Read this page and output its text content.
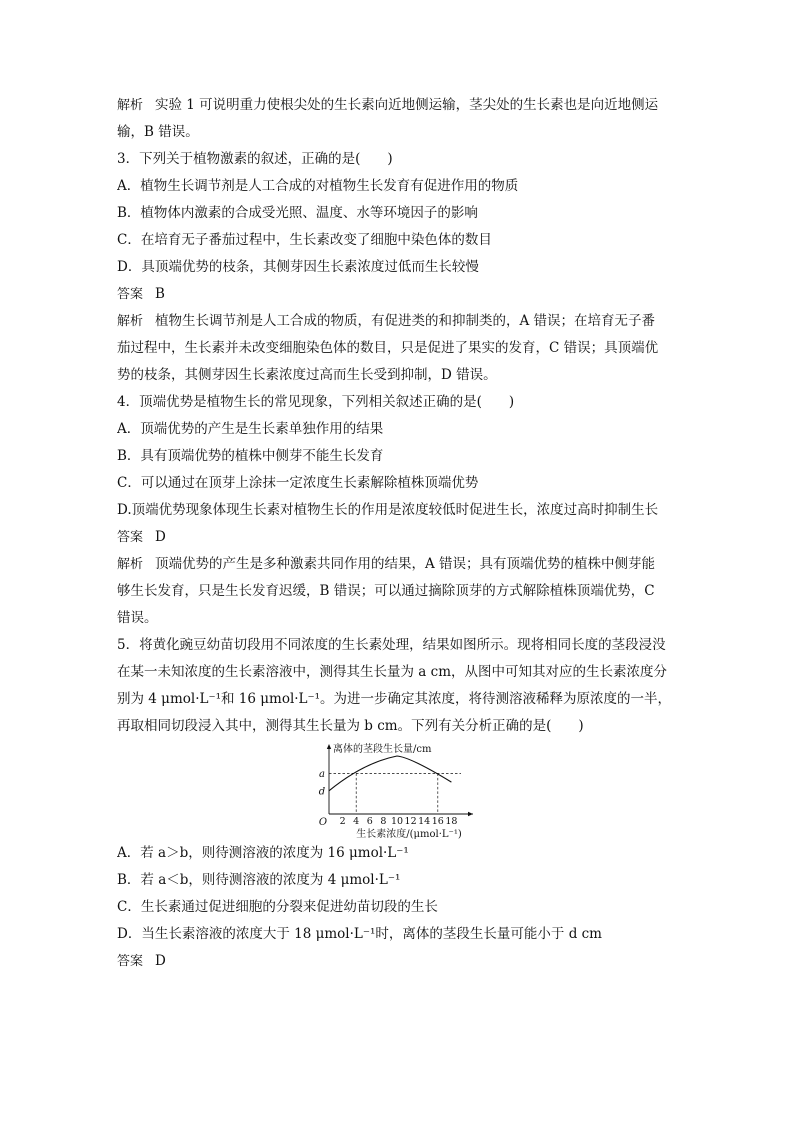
解析 实验 1 可说明重力使根尖处的生长素向近地侧运输，茎尖处的生长素也是向近地侧运
输，B 错误。
3．下列关于植物激素的叙述，正确的是(　　)
A．植物生长调节剂是人工合成的对植物生长发育有促进作用的物质
B．植物体内激素的合成受光照、温度、水等环境因子的影响
C．在培育无子番茄过程中，生长素改变了细胞中染色体的数目
D．具顶端优势的枝条，其侧芽因生长素浓度过低而生长较慢
答案 B
解析 植物生长调节剂是人工合成的物质，有促进类的和抑制类的，A 错误；在培育无子番
茄过程中，生长素并未改变细胞染色体的数目，只是促进了果实的发育，C 错误；具顶端优
势的枝条，其侧芽因生长素浓度过高而生长受到抑制，D 错误。
4．顶端优势是植物生长的常见现象，下列相关叙述正确的是(　　)
A．顶端优势的产生是生长素单独作用的结果
B．具有顶端优势的植株中侧芽不能生长发育
C．可以通过在顶芽上涂抹一定浓度生长素解除植株顶端优势
D.顶端优势现象体现生长素对植物生长的作用是浓度较低时促进生长，浓度过高时抑制生长
答案 D
解析 顶端优势的产生是多种激素共同作用的结果，A 错误；具有顶端优势的植株中侧芽能
够生长发育，只是生长发育迟缓，B 错误；可以通过摘除顶芽的方式解除植株顶端优势，C
错误。
5．将黄化豌豆幼苗切段用不同浓度的生长素处理，结果如图所示。现将相同长度的茎段浸没
在某一未知浓度的生长素溶液中，测得其生长量为 a cm，从图中可知其对应的生长素浓度分
别为 4 μmol·L⁻¹和 16 μmol·L⁻¹。为进一步确定其浓度，将待测溶液稀释为原浓度的一半，
再取相同切段浸入其中，测得其生长量为 b cm。下列有关分析正确的是(　　)
离体的茎段生长量/cm
2 4 6 8 10 12 14 16 18
O
a
d
生长素浓度/(μmol·L⁻¹)
A．若 a＞b，则待测溶液的浓度为 16 μmol·L⁻¹
B．若 a＜b，则待测溶液的浓度为 4 μmol·L⁻¹
C．生长素通过促进细胞的分裂来促进幼苗切段的生长
D．当生长素溶液的浓度大于 18 μmol·L⁻¹时，离体的茎段生长量可能小于 d cm
答案 D
